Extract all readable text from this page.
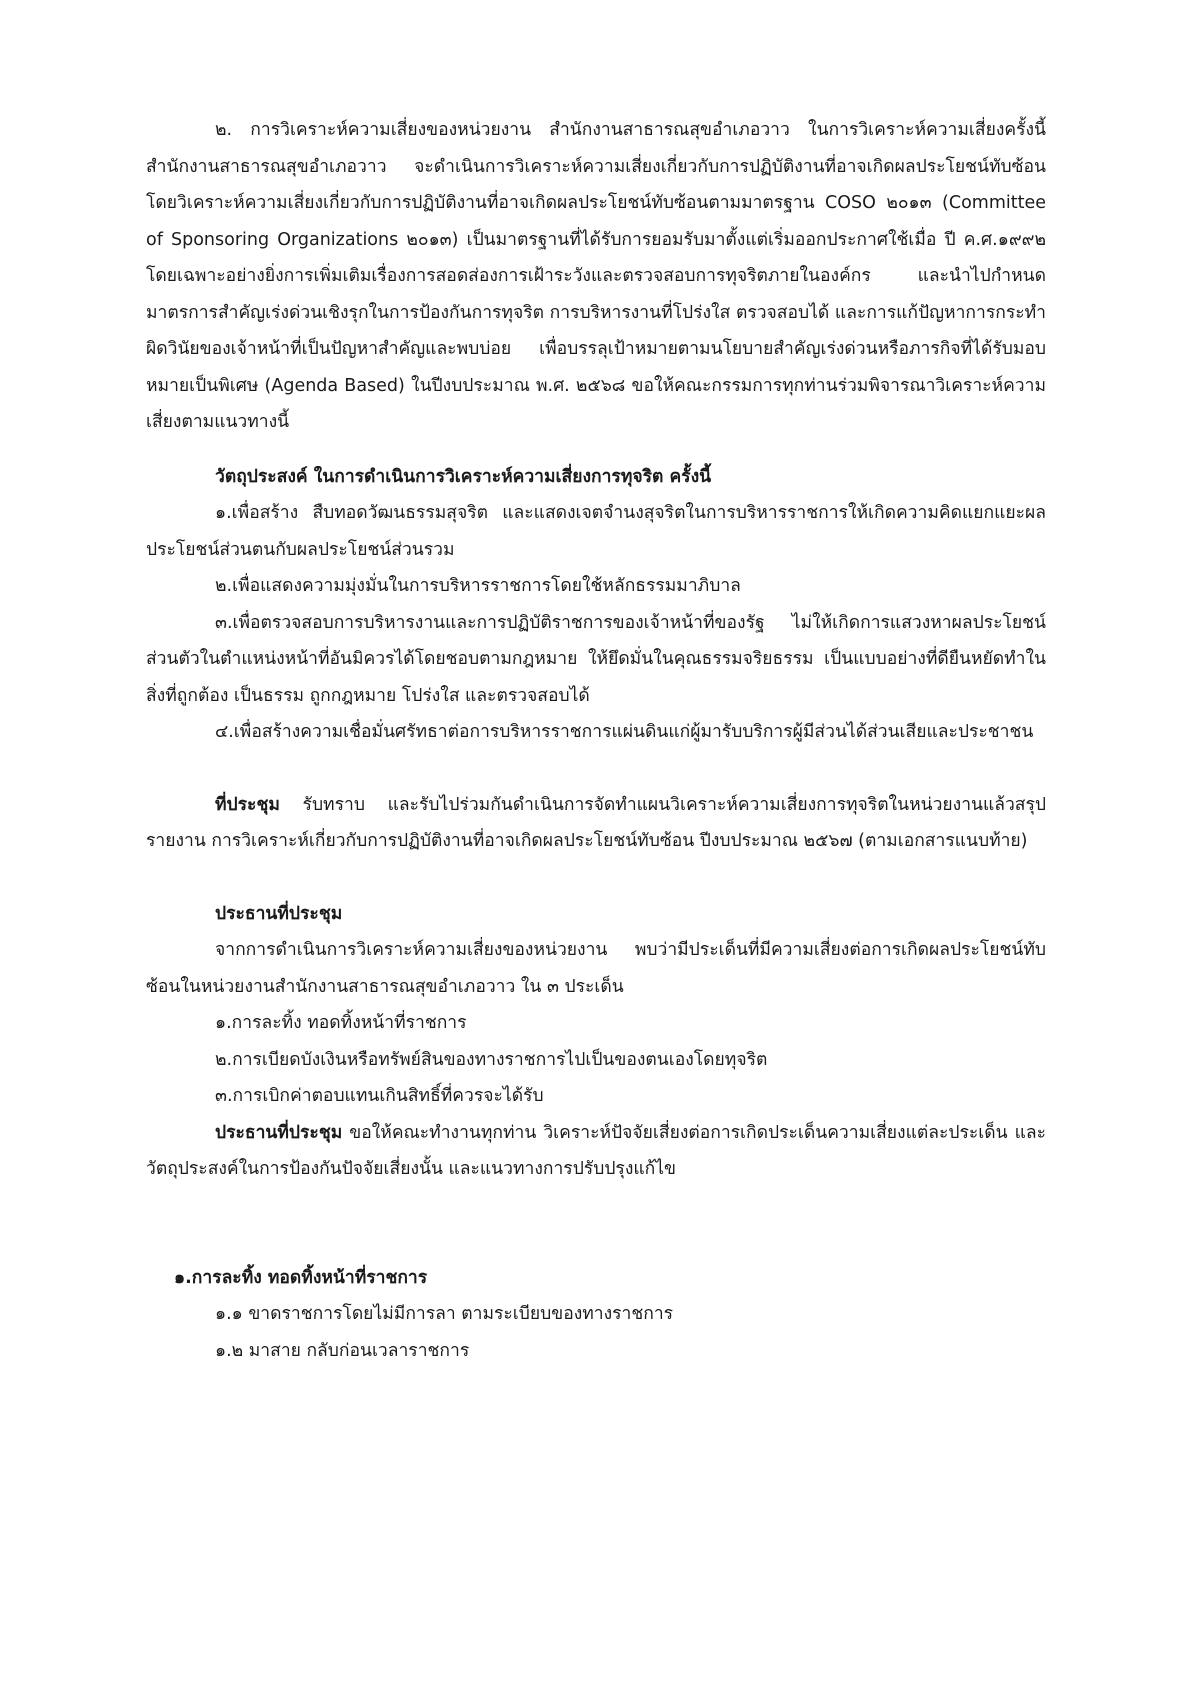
๒. การวิเคราะห์ความเสี่ยงของหน่วยงาน สำนักงานสาธารณสุขอำเภอวาว ในการวิเคราะห์ความเสี่ยงครั้งนี้สำนักงานสาธารณสุขอำเภอวาว จะดำเนินการวิเคราะห์ความเสี่ยงเกี่ยวกับการปฏิบัติงานที่อาจเกิดผลประโยชน์ทับซ้อน โดยวิเคราะห์ความเสี่ยงเกี่ยวกับการปฏิบัติงานที่อาจเกิดผลประโยชน์ทับซ้อนตามมาตรฐาน COSO ๒๐๑๓ (Committee of Sponsoring Organizations ๒๐๑๓) เป็นมาตรฐานที่ได้รับการยอมรับมาตั้งแต่เริ่มออกประกาศใช้เมื่อ ปี ค.ศ.๑๙๙๒ โดยเฉพาะอย่างยิ่งการเพิ่มเติมเรื่องการสอดส่องการเฝ้าระวังและตรวจสอบการทุจริตภายในองค์กร และนำไปกำหนดมาตรการสำคัญเร่งด่วนเชิงรุกในการป้องกันการทุจริต การบริหารงานที่โปร่งใส ตรวจสอบได้ และการแก้ปัญหาการกระทำผิดวินัยของเจ้าหน้าที่เป็นปัญหาสำคัญและพบบ่อย เพื่อบรรลุเป้าหมายตามนโยบายสำคัญเร่งด่วนหรือภารกิจที่ได้รับมอบหมายเป็นพิเศษ (Agenda Based) ในปีงบประมาณ พ.ศ. ๒๕๖๘ ขอให้คณะกรรมการทุกท่านร่วมพิจารณาวิเคราะห์ความเสี่ยงตามแนวทางนี้

วัตถุประสงค์ ในการดำเนินการวิเคราะห์ความเสี่ยงการทุจริต ครั้งนี้

๑.เพื่อสร้าง สืบทอดวัฒนธรรมสุจริต และแสดงเจตจำนงสุจริตในการบริหารราชการให้เกิดความคิดแยกแยะผลประโยชน์ส่วนตนกับผลประโยชน์ส่วนรวม

๒.เพื่อแสดงความมุ่งมั่นในการบริหารราชการโดยใช้หลักธรรมมาภิบาล

๓.เพื่อตรวจสอบการบริหารงานและการปฏิบัติราชการของเจ้าหน้าที่ของรัฐ ไม่ให้เกิดการแสวงหาผลประโยชน์ส่วนตัวในตำแหน่งหน้าที่อันมิควรได้โดยชอบตามกฎหมาย ให้ยึดมั่นในคุณธรรมจริยธรรม เป็นแบบอย่างที่ดียืนหยัดทำในสิ่งที่ถูกต้อง เป็นธรรม ถูกกฎหมาย โปร่งใส และตรวจสอบได้

๔.เพื่อสร้างความเชื่อมั่นศรัทธาต่อการบริหารราชการแผ่นดินแก่ผู้มารับบริการผู้มีส่วนได้ส่วนเสียและประชาชน

ที่ประชุม รับทราบ และรับไปร่วมกันดำเนินการจัดทำแผนวิเคราะห์ความเสี่ยงการทุจริตในหน่วยงานแล้วสรุปรายงาน การวิเคราะห์เกี่ยวกับการปฏิบัติงานที่อาจเกิดผลประโยชน์ทับซ้อน ปีงบประมาณ ๒๕๖๗ (ตามเอกสารแนบท้าย)

ประธานที่ประชุม

จากการดำเนินการวิเคราะห์ความเสี่ยงของหน่วยงาน พบว่ามีประเด็นที่มีความเสี่ยงต่อการเกิดผลประโยชน์ทับซ้อนในหน่วยงานสำนักงานสาธารณสุขอำเภอวาว ใน ๓ ประเด็น

๑.การละทิ้ง ทอดทิ้งหน้าที่ราชการ

๒.การเบียดบังเงินหรือทรัพย์สินของทางราชการไปเป็นของตนเองโดยทุจริต

๓.การเบิกค่าตอบแทนเกินสิทธิ์ที่ควรจะได้รับ

ประธานที่ประชุม ขอให้คณะทำงานทุกท่าน วิเคราะห์ปัจจัยเสี่ยงต่อการเกิดประเด็นความเสี่ยงแต่ละประเด็น และวัตถุประสงค์ในการป้องกันปัจจัยเสี่ยงนั้น และแนวทางการปรับปรุงแก้ไข

๑.การละทิ้ง ทอดทิ้งหน้าที่ราชการ

๑.๑ ขาดราชการโดยไม่มีการลา ตามระเบียบของทางราชการ

๑.๒ มาสาย กลับก่อนเวลาราชการ
